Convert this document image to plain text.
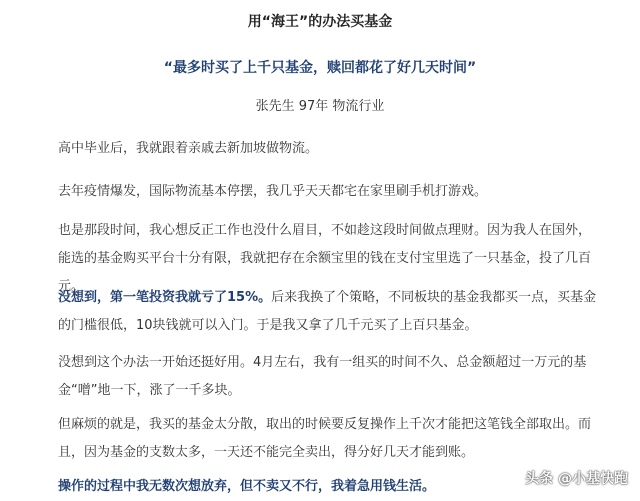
用“海王”的办法买基金
“最多时买了上千只基金，赎回都花了好几天时间”
张先生 97年 物流行业

高中毕业后，我就跟着亲戚去新加坡做物流。

去年疫情爆发，国际物流基本停摆，我几乎天天都宅在家里刷手机打游戏。

也是那段时间，我心想反正工作也没什么眉目，不如趁这段时间做点理财。因为我人在国外，能选的基金购买平台十分有限，我就把存在余额宝里的钱在支付宝里选了一只基金，投了几百元。

没想到，第一笔投资我就亏了15%。后来我换了个策略，不同板块的基金我都买一点，买基金的门槛很低，10块钱就可以入门。于是我又拿了几千元买了上百只基金。

没想到这个办法一开始还挺好用。4月左右，我有一组买的时间不久、总金额超过一万元的基金“噌”地一下，涨了一千多块。

但麻烦的就是，我买的基金太分散，取出的时候要反复操作上千次才能把这笔钱全部取出。而且，因为基金的支数太多，一天还不能完全卖出，得分好几天才能到账。

操作的过程中我无数次想放弃，但不卖又不行，我着急用钱生活。	头条 @小基快跑
